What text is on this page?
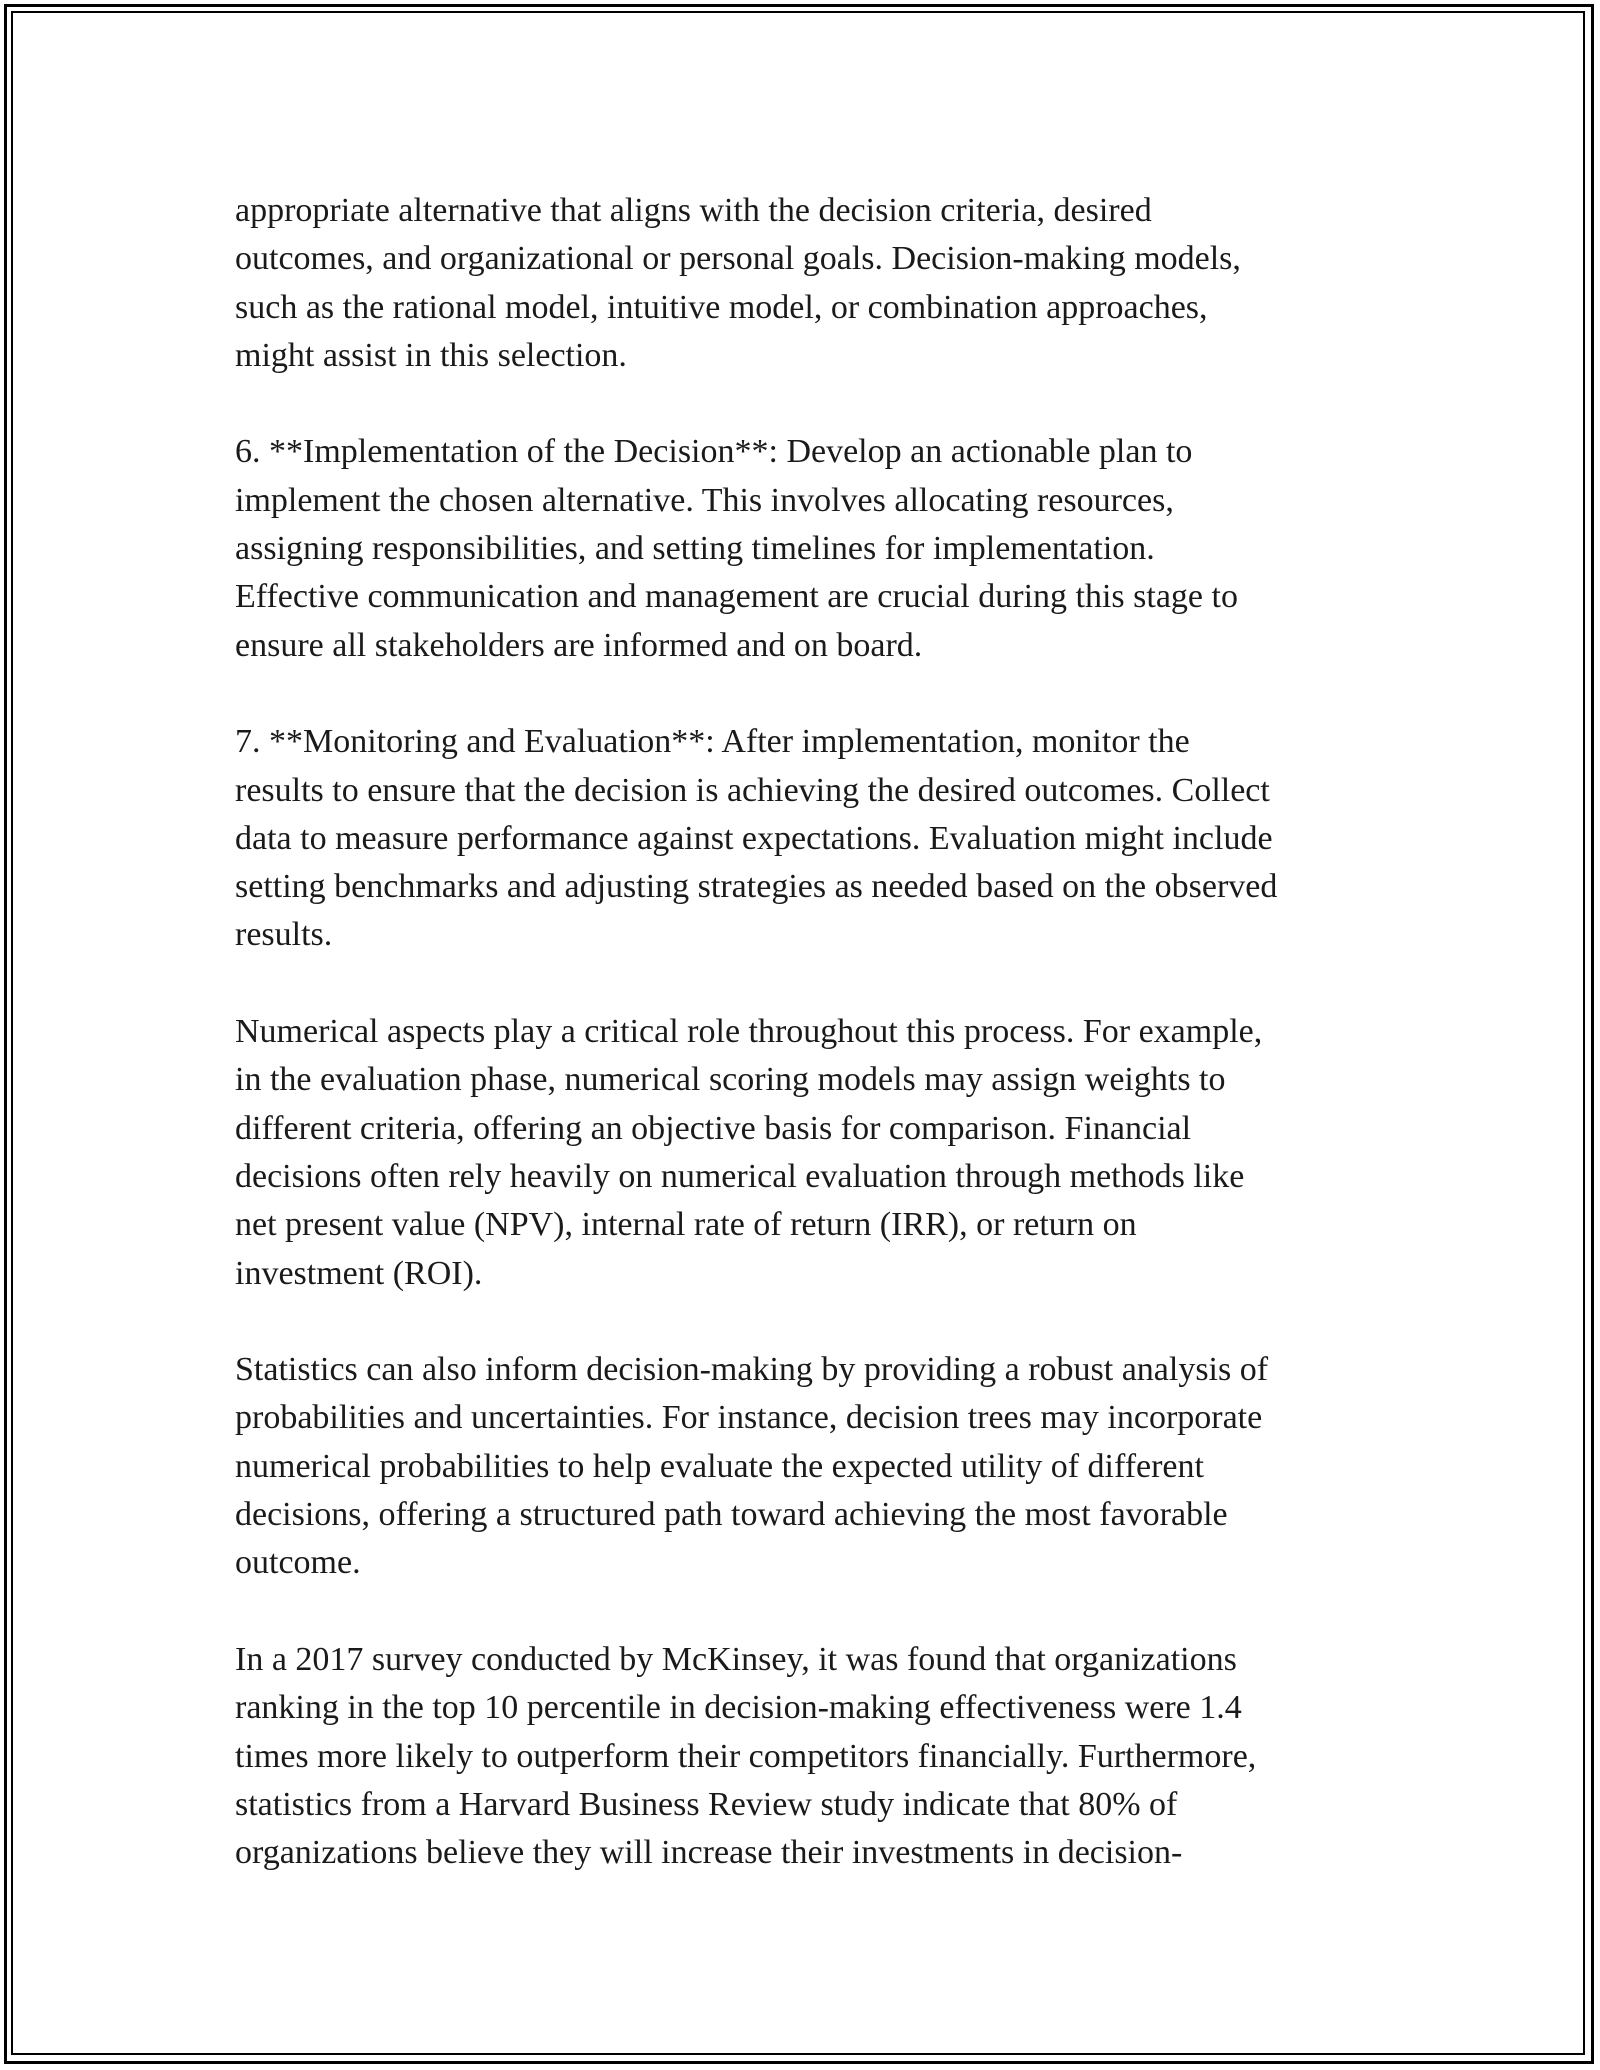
appropriate alternative that aligns with the decision criteria, desired
outcomes, and organizational or personal goals. Decision-making models,
such as the rational model, intuitive model, or combination approaches,
might assist in this selection.

6. **Implementation of the Decision**: Develop an actionable plan to
implement the chosen alternative. This involves allocating resources,
assigning responsibilities, and setting timelines for implementation.
Effective communication and management are crucial during this stage to
ensure all stakeholders are informed and on board.

7. **Monitoring and Evaluation**: After implementation, monitor the
results to ensure that the decision is achieving the desired outcomes. Collect
data to measure performance against expectations. Evaluation might include
setting benchmarks and adjusting strategies as needed based on the observed
results.

Numerical aspects play a critical role throughout this process. For example,
in the evaluation phase, numerical scoring models may assign weights to
different criteria, offering an objective basis for comparison. Financial
decisions often rely heavily on numerical evaluation through methods like
net present value (NPV), internal rate of return (IRR), or return on
investment (ROI).

Statistics can also inform decision-making by providing a robust analysis of
probabilities and uncertainties. For instance, decision trees may incorporate
numerical probabilities to help evaluate the expected utility of different
decisions, offering a structured path toward achieving the most favorable
outcome.

In a 2017 survey conducted by McKinsey, it was found that organizations
ranking in the top 10 percentile in decision-making effectiveness were 1.4
times more likely to outperform their competitors financially. Furthermore,
statistics from a Harvard Business Review study indicate that 80% of
organizations believe they will increase their investments in decision-
